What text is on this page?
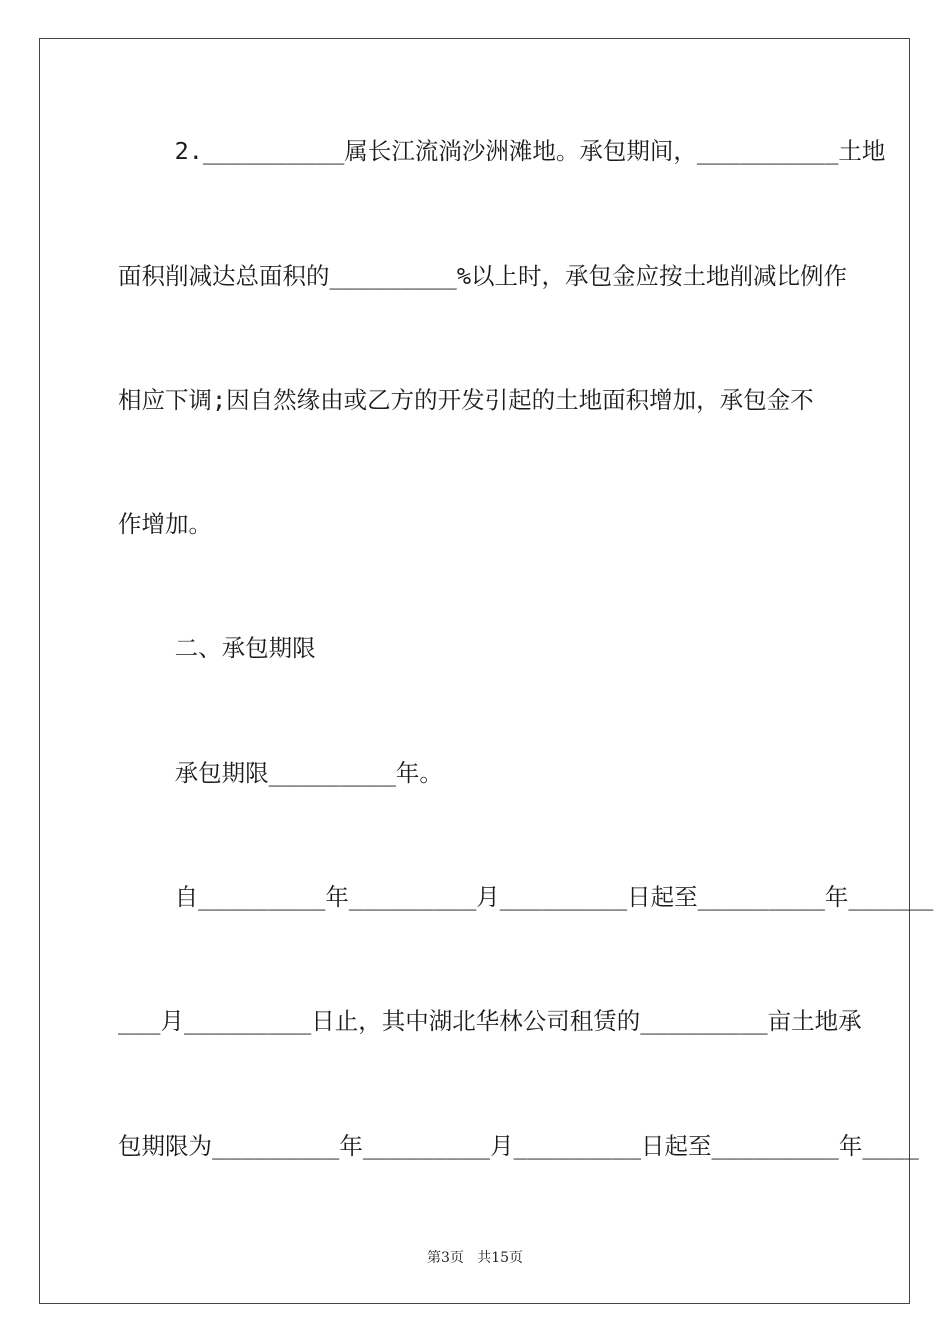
2.__________属长江流淌沙洲滩地。承包期间，__________土地
面积削减达总面积的_________%以上时，承包金应按土地削减比例作
相应下调;因自然缘由或乙方的开发引起的土地面积增加，承包金不
作增加。
二、承包期限
承包期限_________年。
自_________年_________月_________日起至_________年______
___月_________日止，其中湖北华林公司租赁的_________亩土地承
包期限为_________年_________月_________日起至_________年____
第3页   共15页
